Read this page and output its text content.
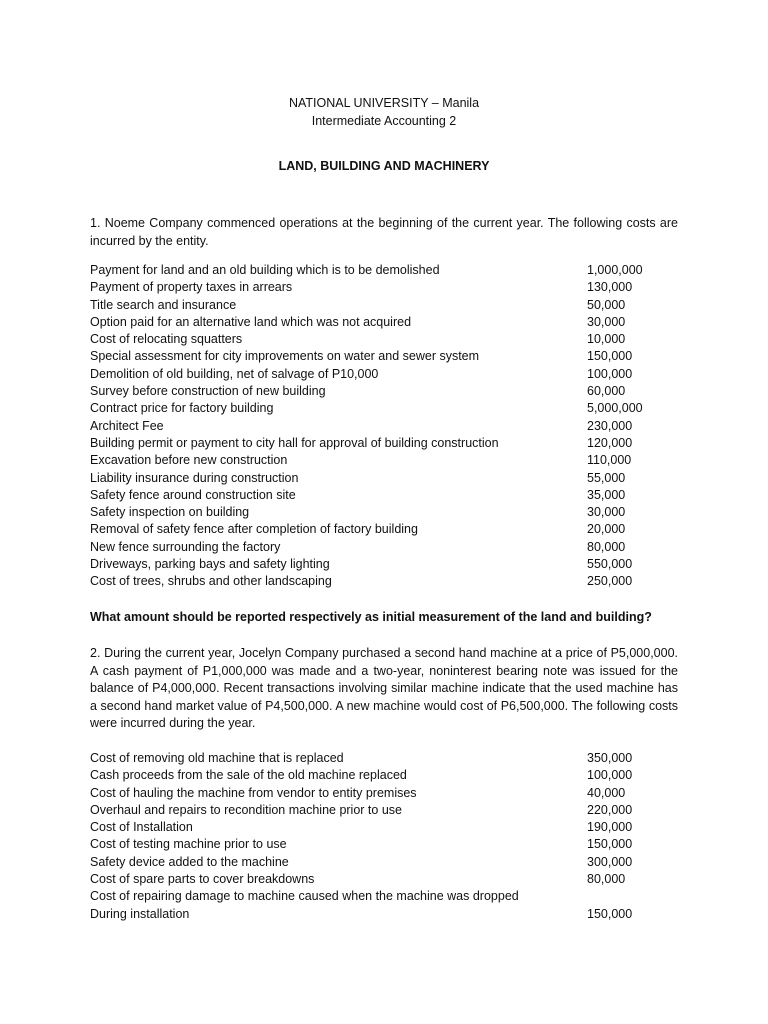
NATIONAL UNIVERSITY – Manila
Intermediate Accounting 2
LAND, BUILDING AND MACHINERY
1. Noeme Company commenced operations at the beginning of the current year. The following costs are incurred by the entity.
Payment for land and an old building which is to be demolished	1,000,000
Payment of property taxes in arrears	130,000
Title search and insurance	50,000
Option paid for an alternative land which was not acquired	30,000
Cost of relocating squatters	10,000
Special assessment for city improvements on water and sewer system	150,000
Demolition of old building, net of salvage of P10,000	100,000
Survey before construction of new building	60,000
Contract price for factory building	5,000,000
Architect Fee	230,000
Building permit or payment to city hall for approval of building construction	120,000
Excavation before new construction	110,000
Liability insurance during construction	55,000
Safety fence around construction site	35,000
Safety inspection on building	30,000
Removal of safety fence after completion of factory building	20,000
New fence surrounding the factory	80,000
Driveways, parking bays and safety lighting	550,000
Cost of trees, shrubs and other landscaping	250,000
What amount should be reported respectively as initial measurement of the land and building?
2. During the current year, Jocelyn Company purchased a second hand machine at a price of P5,000,000. A cash payment of P1,000,000 was made and a two-year, noninterest bearing note was issued for the balance of P4,000,000. Recent transactions involving similar machine indicate that the used machine has a second hand market value of P4,500,000. A new machine would cost of P6,500,000. The following costs were incurred during the year.
Cost of removing old machine that is replaced	350,000
Cash proceeds from the sale of the old machine replaced	100,000
Cost of hauling the machine from vendor to entity premises	40,000
Overhaul and repairs to recondition machine prior to use	220,000
Cost of Installation	190,000
Cost of testing machine prior to use	150,000
Safety device added to the machine	300,000
Cost of spare parts to cover breakdowns	80,000
Cost of repairing damage to machine caused when the machine was dropped
During installation	150,000
